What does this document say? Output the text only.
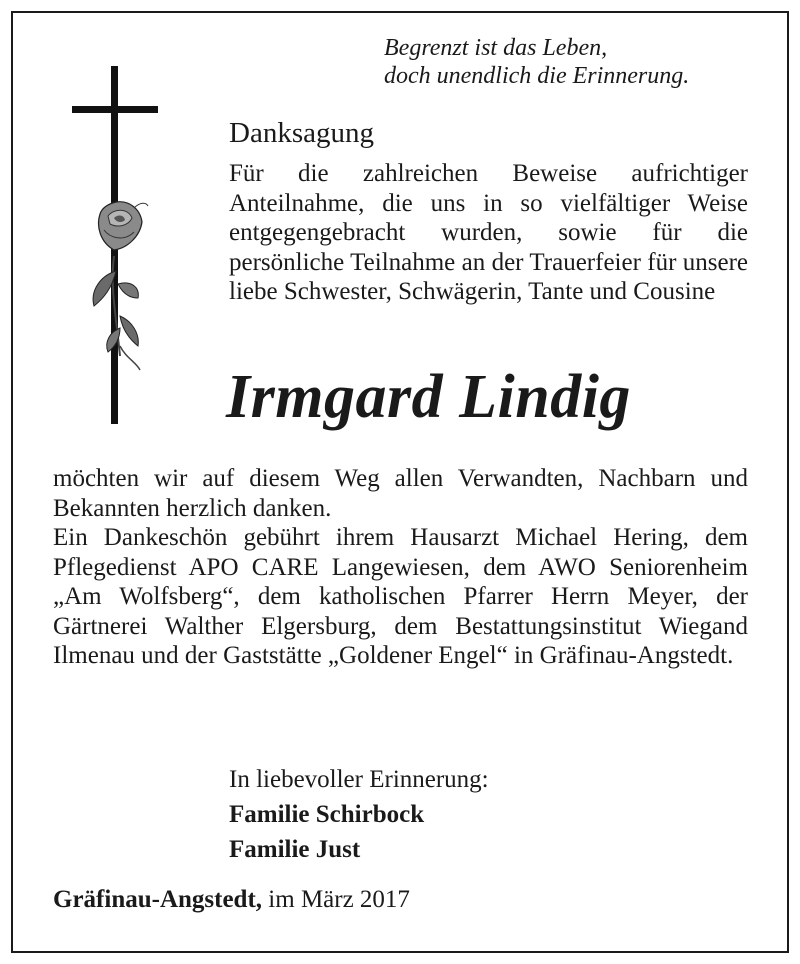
Begrenzt ist das Leben,
doch unendlich die Erinnerung.
Danksagung
Für die zahlreichen Beweise aufrichtiger Anteilnahme, die uns in so vielfältiger Weise entgegengebracht wurden, sowie für die persönliche Teilnahme an der Trauerfeier für unsere liebe Schwester, Schwägerin, Tante und Cousine
Irmgard Lindig

möchten wir auf diesem Weg allen Verwandten, Nachbarn und Bekannten herzlich danken.

Ein Dankeschön gebührt ihrem Hausarzt Michael Hering, dem Pflegedienst APO CARE Langewiesen, dem AWO Seniorenheim „Am Wolfsberg“, dem katholischen Pfarrer Herrn Meyer, der Gärtnerei Walther Elgersburg, dem Bestattungsinstitut Wiegand Ilmenau und der Gaststätte „Goldener Engel“ in Gräfinau-Angstedt.

In liebevoller Erinnerung:
Familie Schirbock
Familie Just
Gräfinau-Angstedt, im März 2017
